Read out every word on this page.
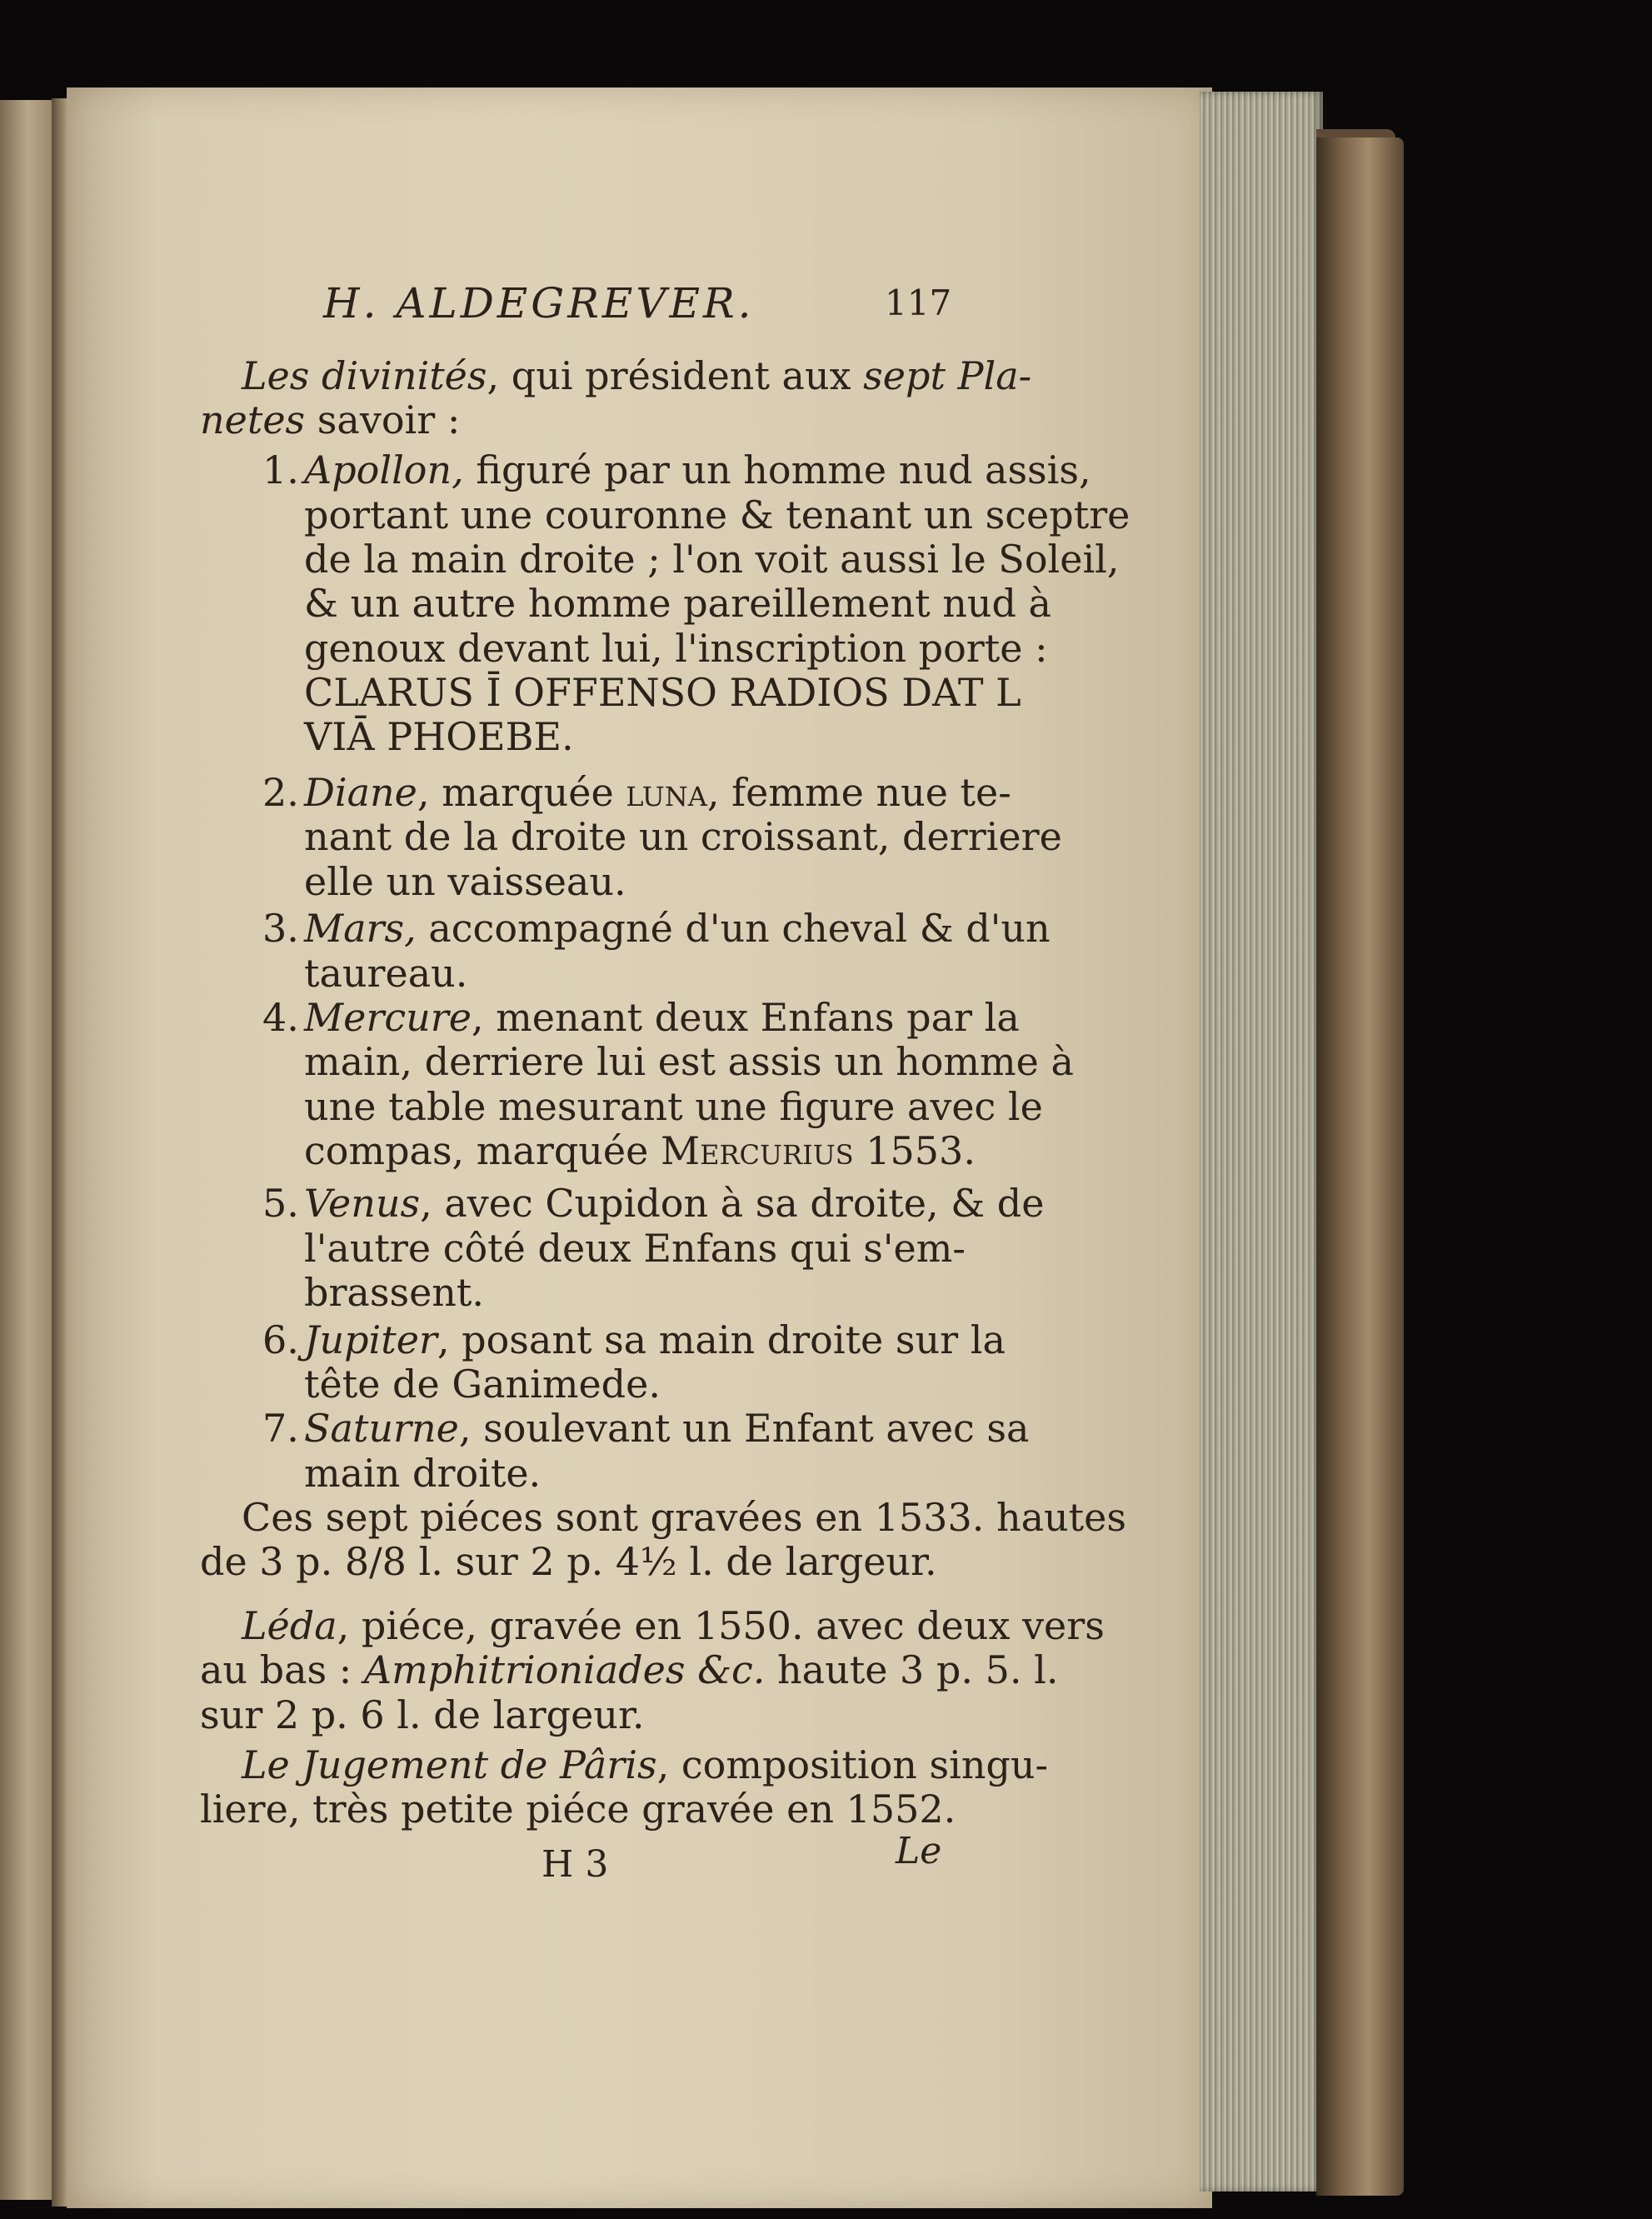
H. ALDEGREVER.	117
Les divinités, qui président aux sept Pla-
netes savoir :
1. Apollon, figuré par un homme nud assis,
portant une couronne & tenant un sceptre
de la main droite ; l'on voit aussi le Soleil,
& un autre homme pareillement nud à
genoux devant lui, l'inscription porte :
CLARUS Ī OFFENSO RADIOS DAT L
VIĀ PHOEBE.
2. Diane, marquée luna, femme nue te-
nant de la droite un croissant, derriere
elle un vaisseau.
3. Mars, accompagné d'un cheval & d'un
taureau.
4. Mercure, menant deux Enfans par la
main, derriere lui est assis un homme à
une table mesurant une figure avec le
compas, marquée Mercurius 1553.
5. Venus, avec Cupidon à sa droite, & de
l'autre côté deux Enfans qui s'em-
brassent.
6. Jupiter, posant sa main droite sur la
tête de Ganimede.
7. Saturne, soulevant un Enfant avec sa
main droite.
Ces sept piéces sont gravées en 1533. hautes
de 3 p. 8/8 l. sur 2 p. 4½ l. de largeur.
Léda, piéce, gravée en 1550. avec deux vers
au bas : Amphitrioniades &c. haute 3 p. 5. l.
sur 2 p. 6 l. de largeur.
Le Jugement de Pâris, composition singu-
liere, très petite piéce gravée en 1552.
H 3	Le
